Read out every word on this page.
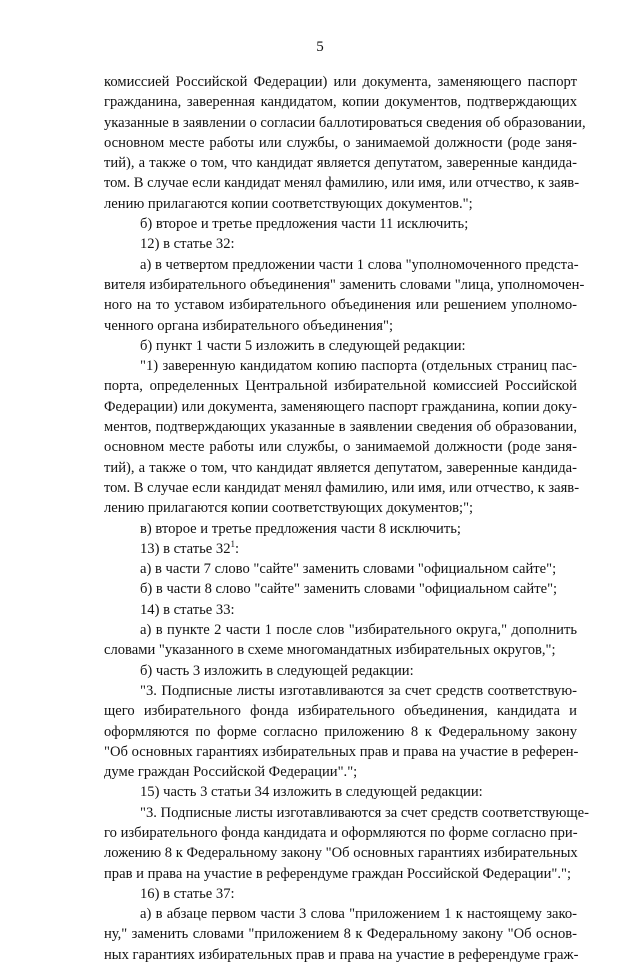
5
комиссией Российской Федерации) или документа, заменяющего паспорт
гражданина, заверенная кандидатом, копии документов, подтверждающих
указанные в заявлении о согласии баллотироваться сведения об образовании,
основном месте работы или службы, о занимаемой должности (роде заня-
тий), а также о том, что кандидат является депутатом, заверенные кандида-
том. В случае если кандидат менял фамилию, или имя, или отчество, к заяв-
лению прилагаются копии соответствующих документов.";
б) второе и третье предложения части 11 исключить;
12) в статье 32:
а) в четвертом предложении части 1 слова "уполномоченного предста-
вителя избирательного объединения" заменить словами "лица, уполномочен-
ного на то уставом избирательного объединения или решением уполномо-
ченного органа избирательного объединения";
б) пункт 1 части 5 изложить в следующей редакции:
"1) заверенную кандидатом копию паспорта (отдельных страниц пас-
порта, определенных Центральной избирательной комиссией Российской
Федерации) или документа, заменяющего паспорт гражданина, копии доку-
ментов, подтверждающих указанные в заявлении сведения об образовании,
основном месте работы или службы, о занимаемой должности (роде заня-
тий), а также о том, что кандидат является депутатом, заверенные кандида-
том. В случае если кандидат менял фамилию, или имя, или отчество, к заяв-
лению прилагаются копии соответствующих документов;";
в) второе и третье предложения части 8 исключить;
13) в статье $32^1$:
а) в части 7 слово "сайте" заменить словами "официальном сайте";
б) в части 8 слово "сайте" заменить словами "официальном сайте";
14) в статье 33:
а) в пункте 2 части 1 после слов "избирательного округа," дополнить
словами "указанного в схеме многомандатных избирательных округов,";
б) часть 3 изложить в следующей редакции:
"3. Подписные листы изготавливаются за счет средств соответствую-
щего избирательного фонда избирательного объединения, кандидата и
оформляются по форме согласно приложению 8 к Федеральному закону
"Об основных гарантиях избирательных прав и права на участие в референ-
думе граждан Российской Федерации".";
15) часть 3 статьи 34 изложить в следующей редакции:
"3. Подписные листы изготавливаются за счет средств соответствующе-
го избирательного фонда кандидата и оформляются по форме согласно при-
ложению 8 к Федеральному закону "Об основных гарантиях избирательных
прав и права на участие в референдуме граждан Российской Федерации".";
16) в статье 37:
а) в абзаце первом части 3 слова "приложением 1 к настоящему зако-
ну," заменить словами "приложением 8 к Федеральному закону "Об основ-
ных гарантиях избирательных прав и права на участие в референдуме граж-
